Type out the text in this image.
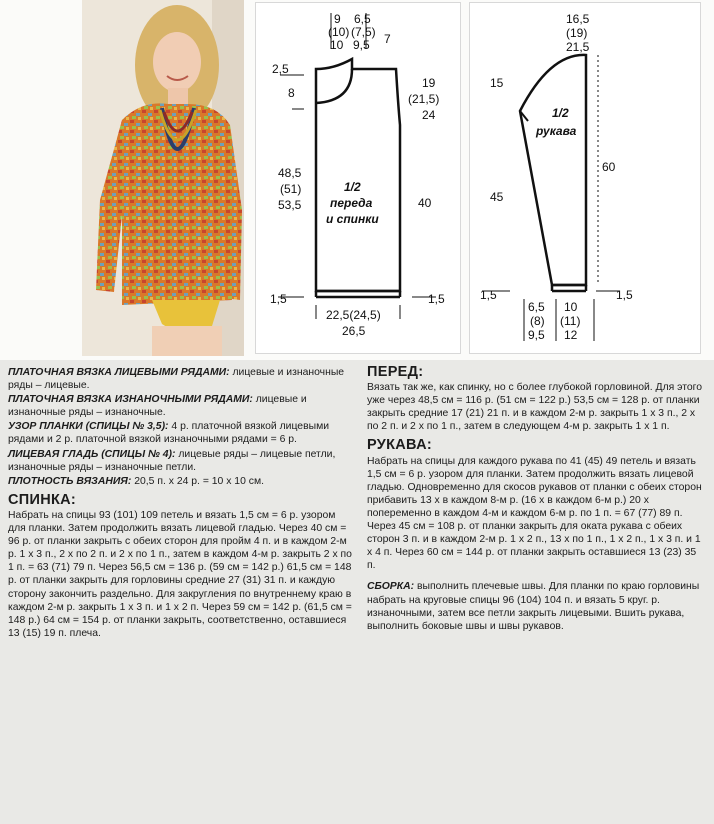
9
(10)
10
6,5
(7,5)
9,5 7
2,5
8
19
(21,5)
24
48,5
(51)
53,5	40
1,5	1,5
22,5(24,5)
26,5
1/2
переда
и спинки
16,5
(19)
21,5
15
45
60
1,5	1,5
6,5
(8)
9,5
10
(11)
12
1/2
рукава

ПЛАТОЧНАЯ ВЯЗКА ЛИЦЕВЫМИ РЯДАМИ: лицевые и изнаночные ряды – лицевые.

ПЛАТОЧНАЯ ВЯЗКА ИЗНАНОЧНЫМИ РЯДАМИ: лицевые и изнаночные ряды – изнаночные.

УЗОР ПЛАНКИ (СПИЦЫ № 3,5): 4 р. платочной вязкой лицевыми рядами и 2 р. платочной вязкой изнаночными рядами = 6 р.

ЛИЦЕВАЯ ГЛАДЬ (СПИЦЫ № 4): лицевые ряды – лицевые петли, изнаночные ряды – изнаночные петли.

ПЛОТНОСТЬ ВЯЗАНИЯ: 20,5 п. х 24 р. = 10 х 10 см.

СПИНКА:

Набрать на спицы 93 (101) 109 петель и вязать 1,5 см = 6 р. узором для планки. Затем продолжить вязать лицевой гладью. Через 40 см = 96 р. от планки закрыть с обеих сторон для пройм 4 п. и в каждом 2-м р. 1 х 3 п., 2 х по 2 п. и 2 х по 1 п., затем в каждом 4-м р. закрыть 2 х по 1 п. = 63 (71) 79 п. Через 56,5 см = 136 р. (59 см = 142 р.) 61,5 см = 148 р. от планки закрыть для горловины средние 27 (31) 31 п. и каждую сторону закончить раздельно. Для закругления по внутреннему краю в каждом 2-м р. закрыть 1 х 3 п. и 1 х 2 п. Через 59 см = 142 р. (61,5 см = 148 р.) 64 см = 154 р. от планки закрыть, соответственно, оставшиеся 13 (15) 19 п. плеча.

ПЕРЕД:

Вязать так же, как спинку, но с более глубокой горловиной. Для этого уже через 48,5 см = 116 р. (51 см = 122 р.) 53,5 см = 128 р. от планки закрыть средние 17 (21) 21 п. и в каждом 2-м р. закрыть 1 х 3 п., 2 х по 2 п. и 2 х по 1 п., затем в следующем 4-м р. закрыть 1 х 1 п.

РУКАВА:

Набрать на спицы для каждого рукава по 41 (45) 49 петель и вязать 1,5 см = 6 р. узором для планки. Затем продолжить вязать лицевой гладью. Одновременно для скосов рукавов от планки с обеих сторон прибавить 13 х в каждом 8-м р. (16 х в каждом 6-м р.) 20 х попеременно в каждом 4-м и каждом 6-м р. по 1 п. = 67 (77) 89 п. Через 45 см = 108 р. от планки закрыть для оката рукава с обеих сторон 3 п. и в каждом 2-м р. 1 х 2 п., 13 х по 1 п., 1 х 2 п., 1 х 3 п. и 1 х 4 п. Через 60 см = 144 р. от планки закрыть оставшиеся 13 (23) 35 п.

СБОРКА: выполнить плечевые швы. Для планки по краю горловины набрать на круговые спицы 96 (104) 104 п. и вязать 5 круг. р. изнаночными, затем все петли закрыть лицевыми. Вшить рукава, выполнить боковые швы и швы рукавов.
